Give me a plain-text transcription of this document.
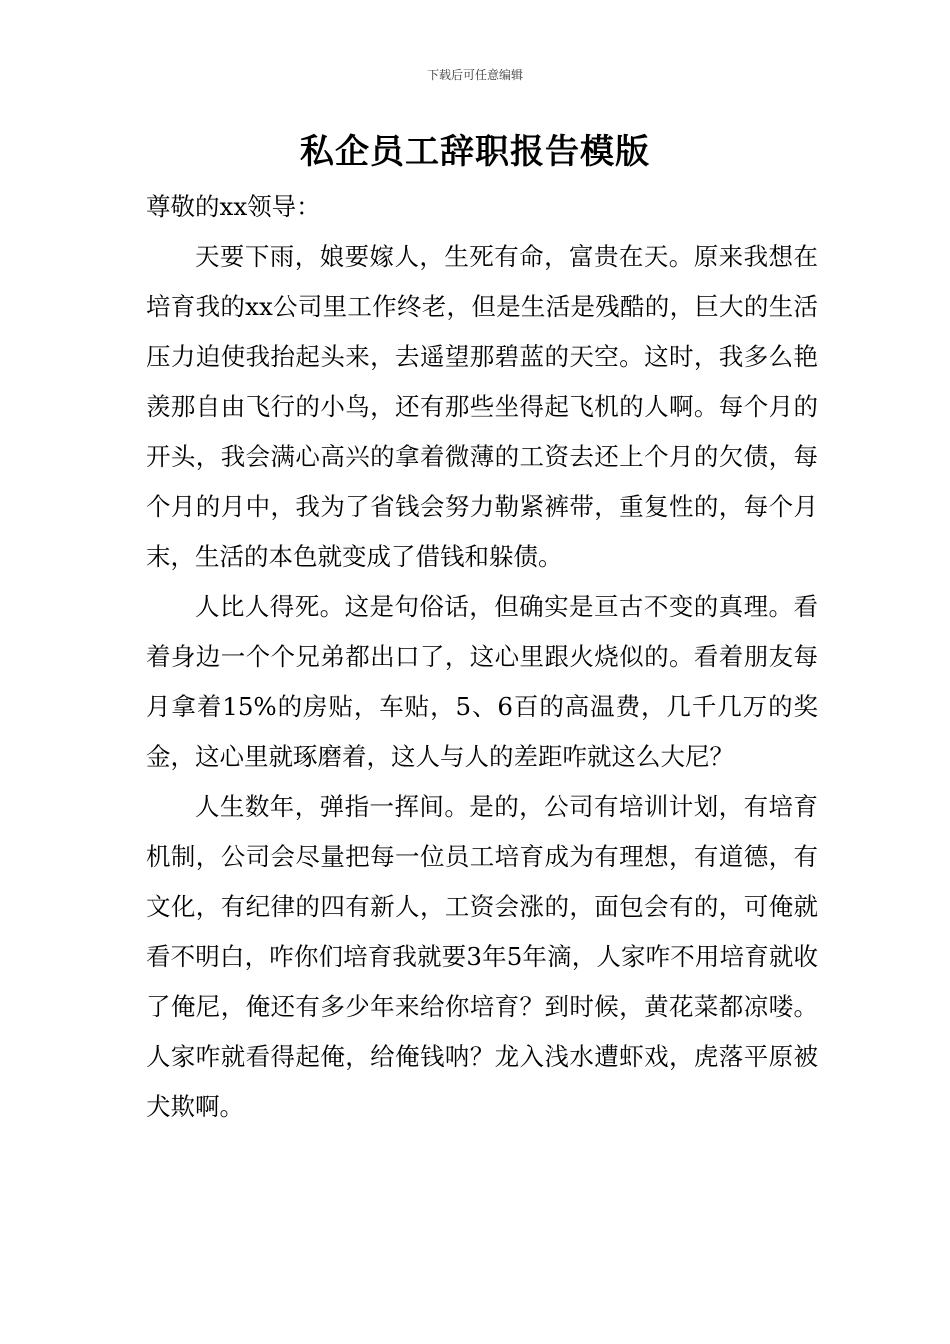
下载后可任意编辑
私企员工辞职报告模版

尊敬的xx领导：

天要下雨，娘要嫁人，生死有命，富贵在天。原来我想在培育我的xx公司里工作终老，但是生活是残酷的，巨大的生活压力迫使我抬起头来，去遥望那碧蓝的天空。这时，我多么艳羡那自由飞行的小鸟，还有那些坐得起飞机的人啊。每个月的开头，我会满心高兴的拿着微薄的工资去还上个月的欠债，每个月的月中，我为了省钱会努力勒紧裤带，重复性的，每个月末，生活的本色就变成了借钱和躲债。

人比人得死。这是句俗话，但确实是亘古不变的真理。看着身边一个个兄弟都出口了，这心里跟火烧似的。看着朋友每月拿着15%的房贴，车贴，5、6百的高温费，几千几万的奖金，这心里就琢磨着，这人与人的差距咋就这么大尼？

人生数年，弹指一挥间。是的，公司有培训计划，有培育机制，公司会尽量把每一位员工培育成为有理想，有道德，有文化，有纪律的四有新人，工资会涨的，面包会有的，可俺就看不明白，咋你们培育我就要3年5年滴，人家咋不用培育就收了俺尼，俺还有多少年来给你培育？到时候，黄花菜都凉喽。人家咋就看得起俺，给俺钱呐？龙入浅水遭虾戏，虎落平原被犬欺啊。
